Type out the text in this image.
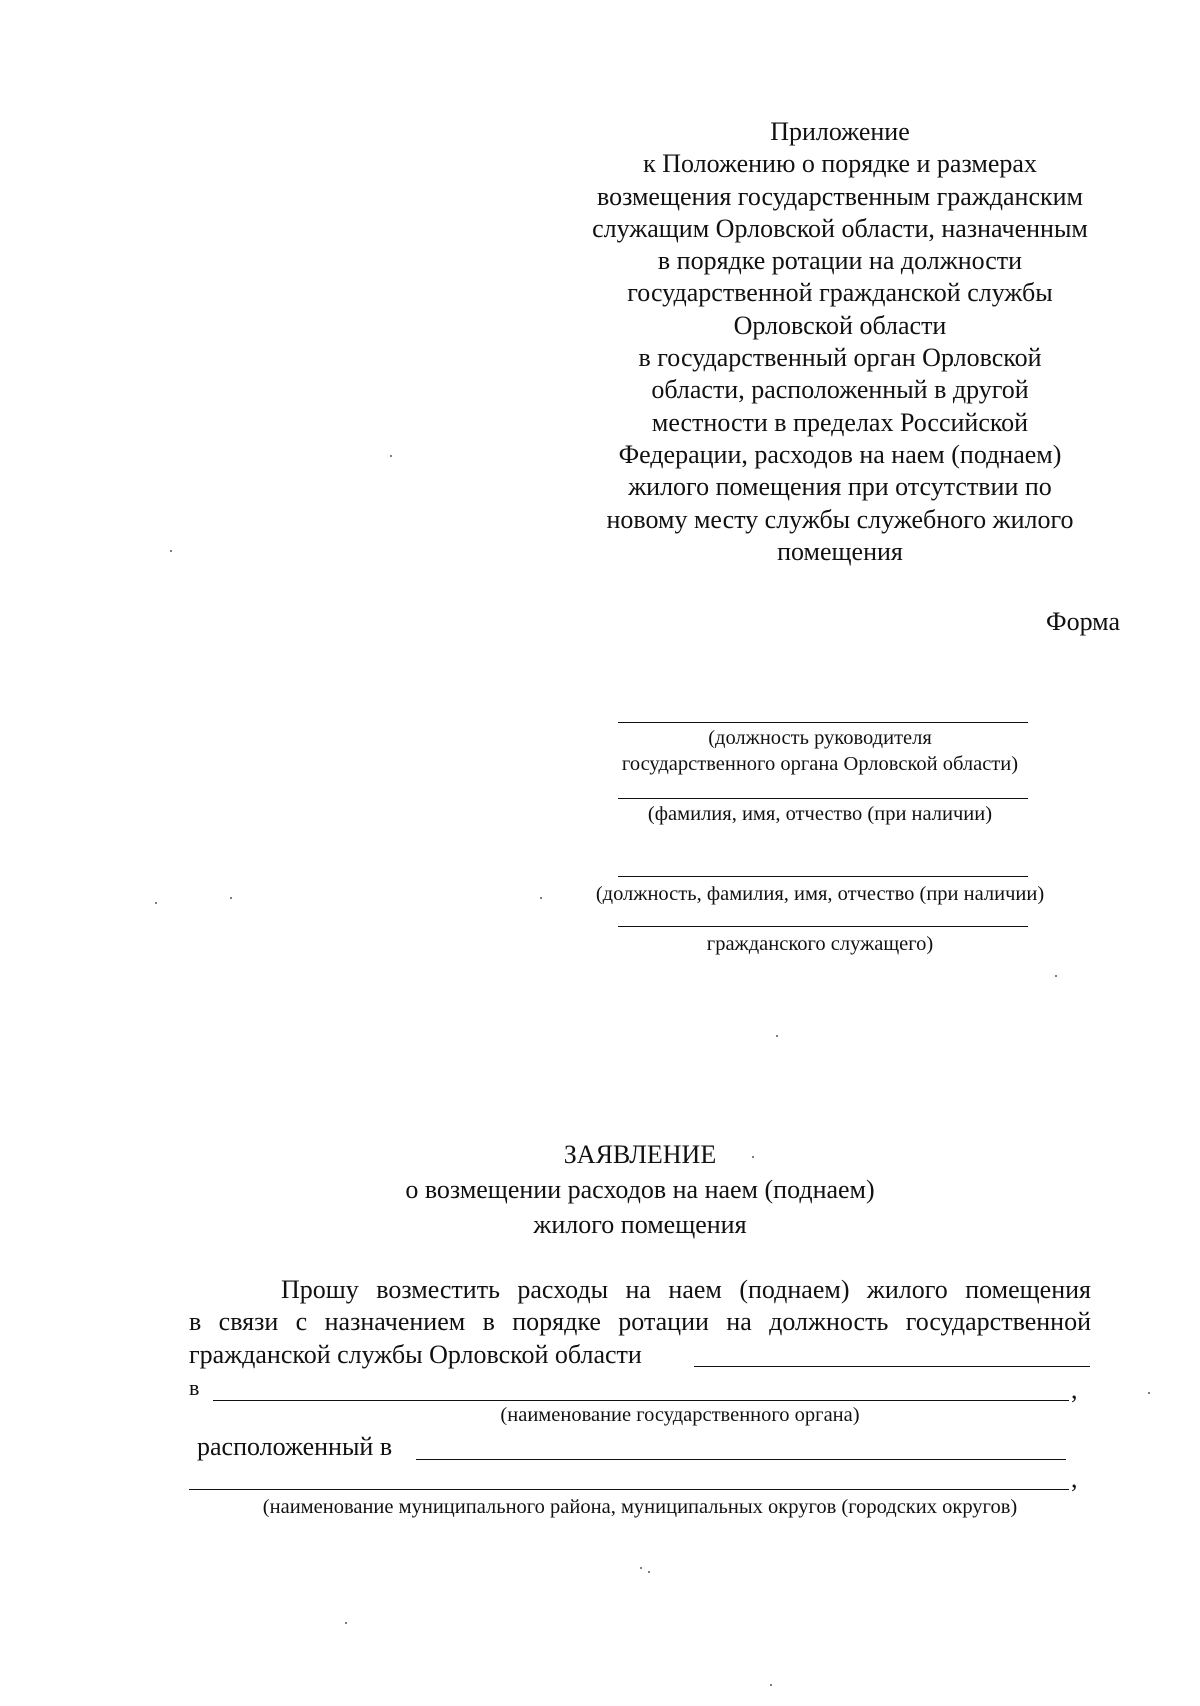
Приложение
к Положению о порядке и размерах
возмещения государственным гражданским
служащим Орловской области, назначенным
в порядке ротации на должности
государственной гражданской службы
Орловской области
в государственный орган Орловской
области, расположенный в другой
местности в пределах Российской
Федерации, расходов на наем (поднаем)
жилого помещения при отсутствии по
новому месту службы служебного жилого
помещения
Форма
(должность руководителя
государственного органа Орловской области)
(фамилия, имя, отчество (при наличии)
(должность, фамилия, имя, отчество (при наличии)
гражданского служащего)
ЗАЯВЛЕНИЕ
о возмещении расходов на наем (поднаем)
жилого помещения
Прошу возместить расходы на наем (поднаем) жилого помещения
в связи с назначением в порядке ротации на должность государственной
гражданской службы Орловской области
в	,
(наименование государственного органа)
расположенный в
,
(наименование муниципального района, муниципальных округов (городских округов)
